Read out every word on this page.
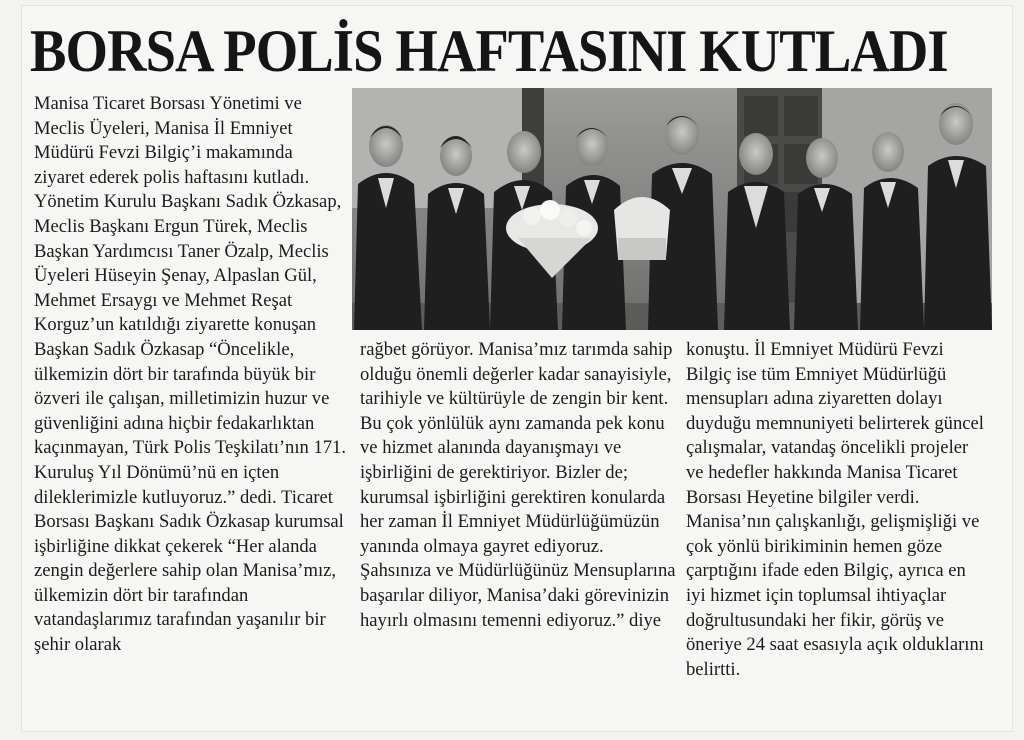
BORSA POLİS HAFTASINI KUTLADI

Manisa Ticaret Borsası Yönetimi ve Meclis Üyeleri, Manisa İl Emniyet Müdürü Fevzi Bilgiç’i makamında ziyaret ederek polis haftasını kutladı. Yönetim Kurulu Başkanı Sadık Özkasap, Meclis Başkanı Ergun Türek, Meclis Başkan Yardımcısı Taner Özalp, Meclis Üyeleri Hüseyin Şenay, Alpaslan Gül, Mehmet Ersaygı ve Mehmet Reşat Korguz’un katıldığı ziyarette konuşan Başkan Sadık Özkasap “Öncelikle, ülkemizin dört bir tarafında büyük bir özveri ile çalışan, milletimizin huzur ve güvenliğini adına hiçbir fedakarlıktan kaçınmayan, Türk Polis Teşkilatı’nın 171. Kuruluş Yıl Dönümü’nü en içten dileklerimizle kutluyoruz.” dedi. Ticaret Borsası Başkanı Sadık Özkasap kurumsal işbirliğine dikkat çekerek “Her alanda zengin değerlere sahip olan Manisa’mız, ülkemizin dört bir tarafından vatandaşlarımız tarafından yaşanılır bir şehir olarak

rağbet görüyor. Manisa’mız tarımda sahip olduğu önemli değerler kadar sanayisiyle, tarihiyle ve kültürüyle de zengin bir kent. Bu çok yönlülük aynı zamanda pek konu ve hizmet alanında dayanışmayı ve işbirliğini de gerektiriyor. Bizler de; kurumsal işbirliğini gerektiren konularda her zaman İl Emniyet Müdürlüğümüzün yanında olmaya gayret ediyoruz. Şahsınıza ve Müdürlüğünüz Mensuplarına başarılar diliyor, Manisa’daki görevinizin hayırlı olmasını temenni ediyoruz.” diye

konuştu. İl Emniyet Müdürü Fevzi Bilgiç ise tüm Emniyet Müdürlüğü mensupları adına ziyaretten dolayı duyduğu memnuniyeti belirterek güncel çalışmalar, vatandaş öncelikli projeler ve hedefler hakkında Manisa Ticaret Borsası Heyetine bilgiler verdi. Manisa’nın çalışkanlığı, gelişmişliği ve çok yönlü birikiminin hemen göze çarptığını ifade eden Bilgiç, ayrıca en iyi hizmet için toplumsal ihtiyaçlar doğrultusundaki her fikir, görüş ve öneriye 24 saat esasıyla açık olduklarını belirtti.
